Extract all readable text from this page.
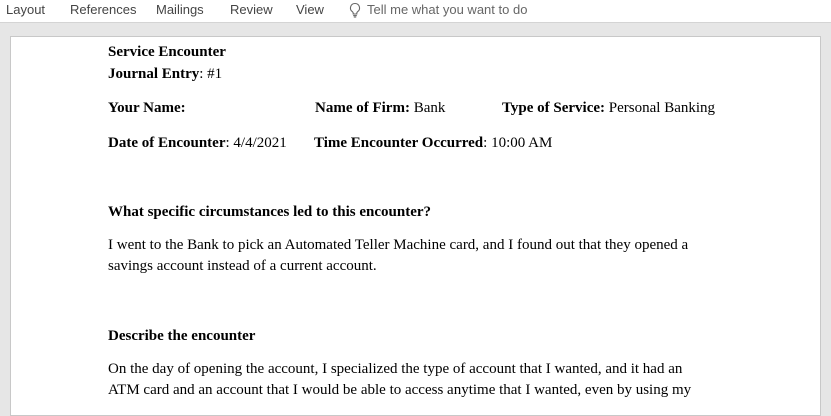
Layout References Mailings Review View	Tell me what you want to do
Service Encounter
Journal Entry: #1
Your Name:	Name of Firm: Bank	Type of Service: Personal Banking
Date of Encounter: 4/4/2021 Time Encounter Occurred: 10:00 AM
What specific circumstances led to this encounter?
I went to the Bank to pick an Automated Teller Machine card, and I found out that they opened a
savings account instead of a current account.
Describe the encounter
On the day of opening the account, I specialized the type of account that I wanted, and it had an
ATM card and an account that I would be able to access anytime that I wanted, even by using my
